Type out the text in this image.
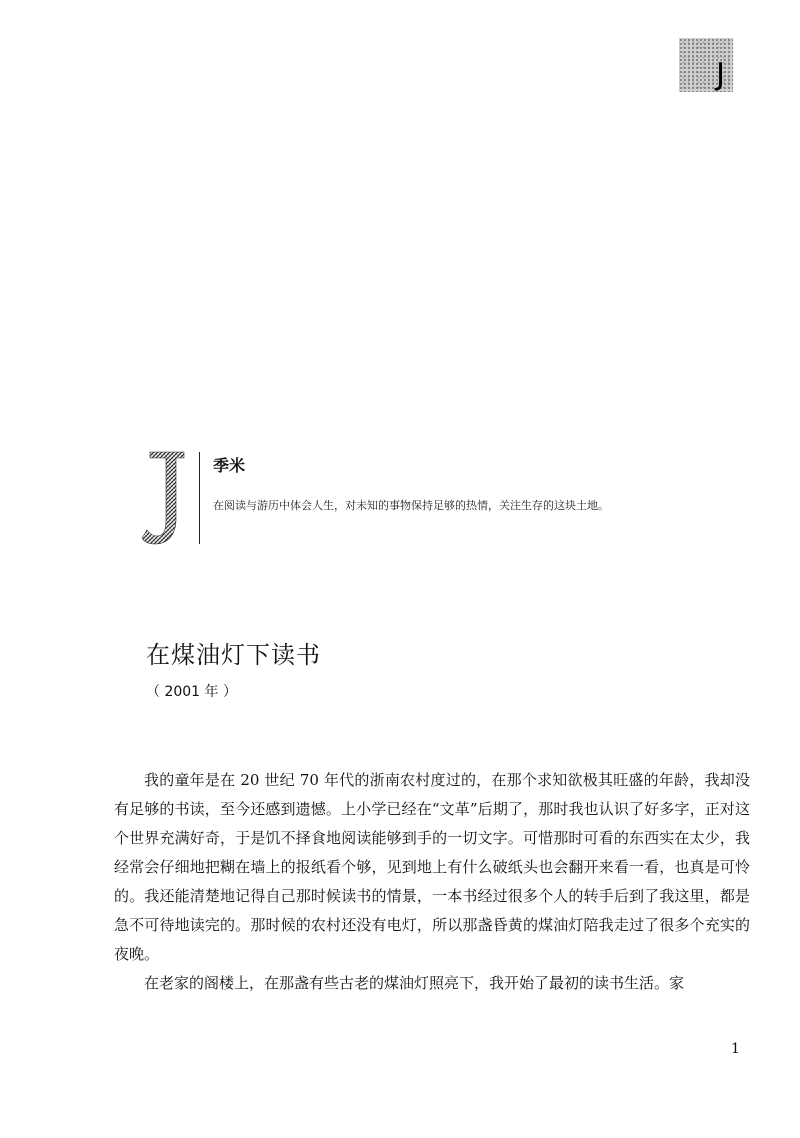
J
季米
在阅读与游历中体会人生，对未知的事物保持足够的热情，关注生存的这块土地。
在煤油灯下读书
（ 2001 年 ）

我的童年是在 20 世纪 70 年代的浙南农村度过的，在那个求知欲极其旺盛的年龄，我却没有足够的书读，至今还感到遗憾。上小学已经在“文革”后期了，那时我也认识了好多字，正对这个世界充满好奇，于是饥不择食地阅读能够到手的一切文字。可惜那时可看的东西实在太少，我经常会仔细地把糊在墙上的报纸看个够，见到地上有什么破纸头也会翻开来看一看，也真是可怜的。我还能清楚地记得自己那时候读书的情景，一本书经过很多个人的转手后到了我这里，都是急不可待地读完的。那时候的农村还没有电灯，所以那盏昏黄的煤油灯陪我走过了很多个充实的夜晚。

在老家的阁楼上，在那盏有些古老的煤油灯照亮下，我开始了最初的读书生活。家

1
